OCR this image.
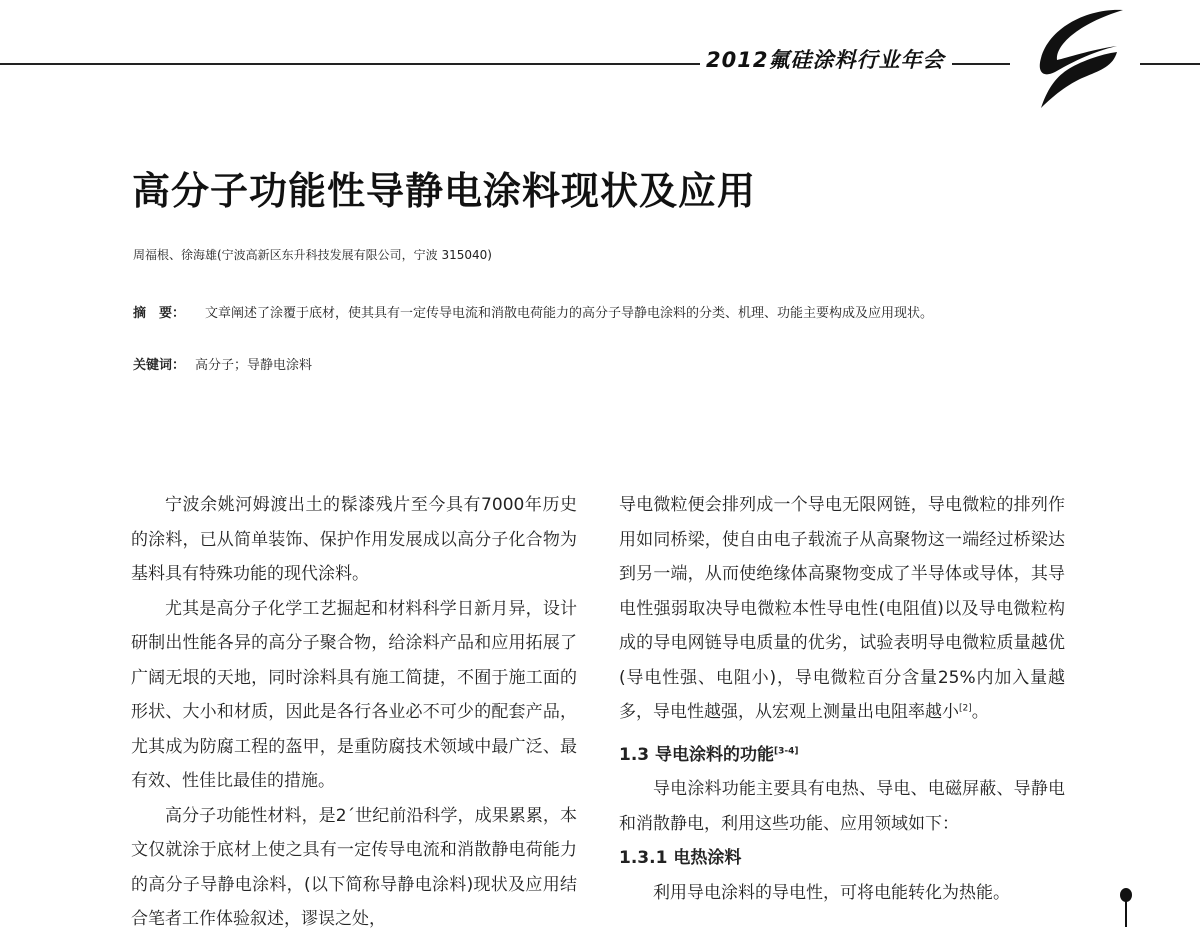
2012氟硅涂料行业年会
高分子功能性导静电涂料现状及应用
周福根、徐海雄(宁波高新区东升科技发展有限公司，宁波 315040)
摘　要： 文章阐述了涂覆于底材，使其具有一定传导电流和消散电荷能力的高分子导静电涂料的分类、机理、功能主要构成及应用现状。
关键词： 高分子；导静电涂料

宁波余姚河姆渡出土的髹漆残片至今具有7000年历史的涂料，已从简单装饰、保护作用发展成以高分子化合物为基料具有特殊功能的现代涂料。

尤其是高分子化学工艺掘起和材料科学日新月异，设计研制出性能各异的高分子聚合物，给涂料产品和应用拓展了广阔无垠的天地，同时涂料具有施工简捷，不囿于施工面的形状、大小和材质，因此是各行各业必不可少的配套产品，尤其成为防腐工程的盔甲，是重防腐技术领域中最广泛、最有效、性佳比最佳的措施。

高分子功能性材料，是2´世纪前沿科学，成果累累，本文仅就涂于底材上使之具有一定传导电流和消散静电荷能力的高分子导静电涂料，(以下简称导静电涂料)现状及应用结合笔者工作体验叙述，谬误之处，

导电微粒便会排列成一个导电无限网链，导电微粒的排列作用如同桥梁，使自由电子载流子从高聚物这一端经过桥梁达到另一端，从而使绝缘体高聚物变成了半导体或导体，其导电性强弱取决导电微粒本性导电性(电阻值)以及导电微粒构成的导电网链导电质量的优劣，试验表明导电微粒质量越优(导电性强、电阻小)，导电微粒百分含量25%内加入量越多，导电性越强，从宏观上测量出电阻率越小[2]。

1.3 导电涂料的功能[3-4]

导电涂料功能主要具有电热、导电、电磁屏蔽、导静电和消散静电，利用这些功能、应用领域如下：

1.3.1 电热涂料

利用导电涂料的导电性，可将电能转化为热能。
